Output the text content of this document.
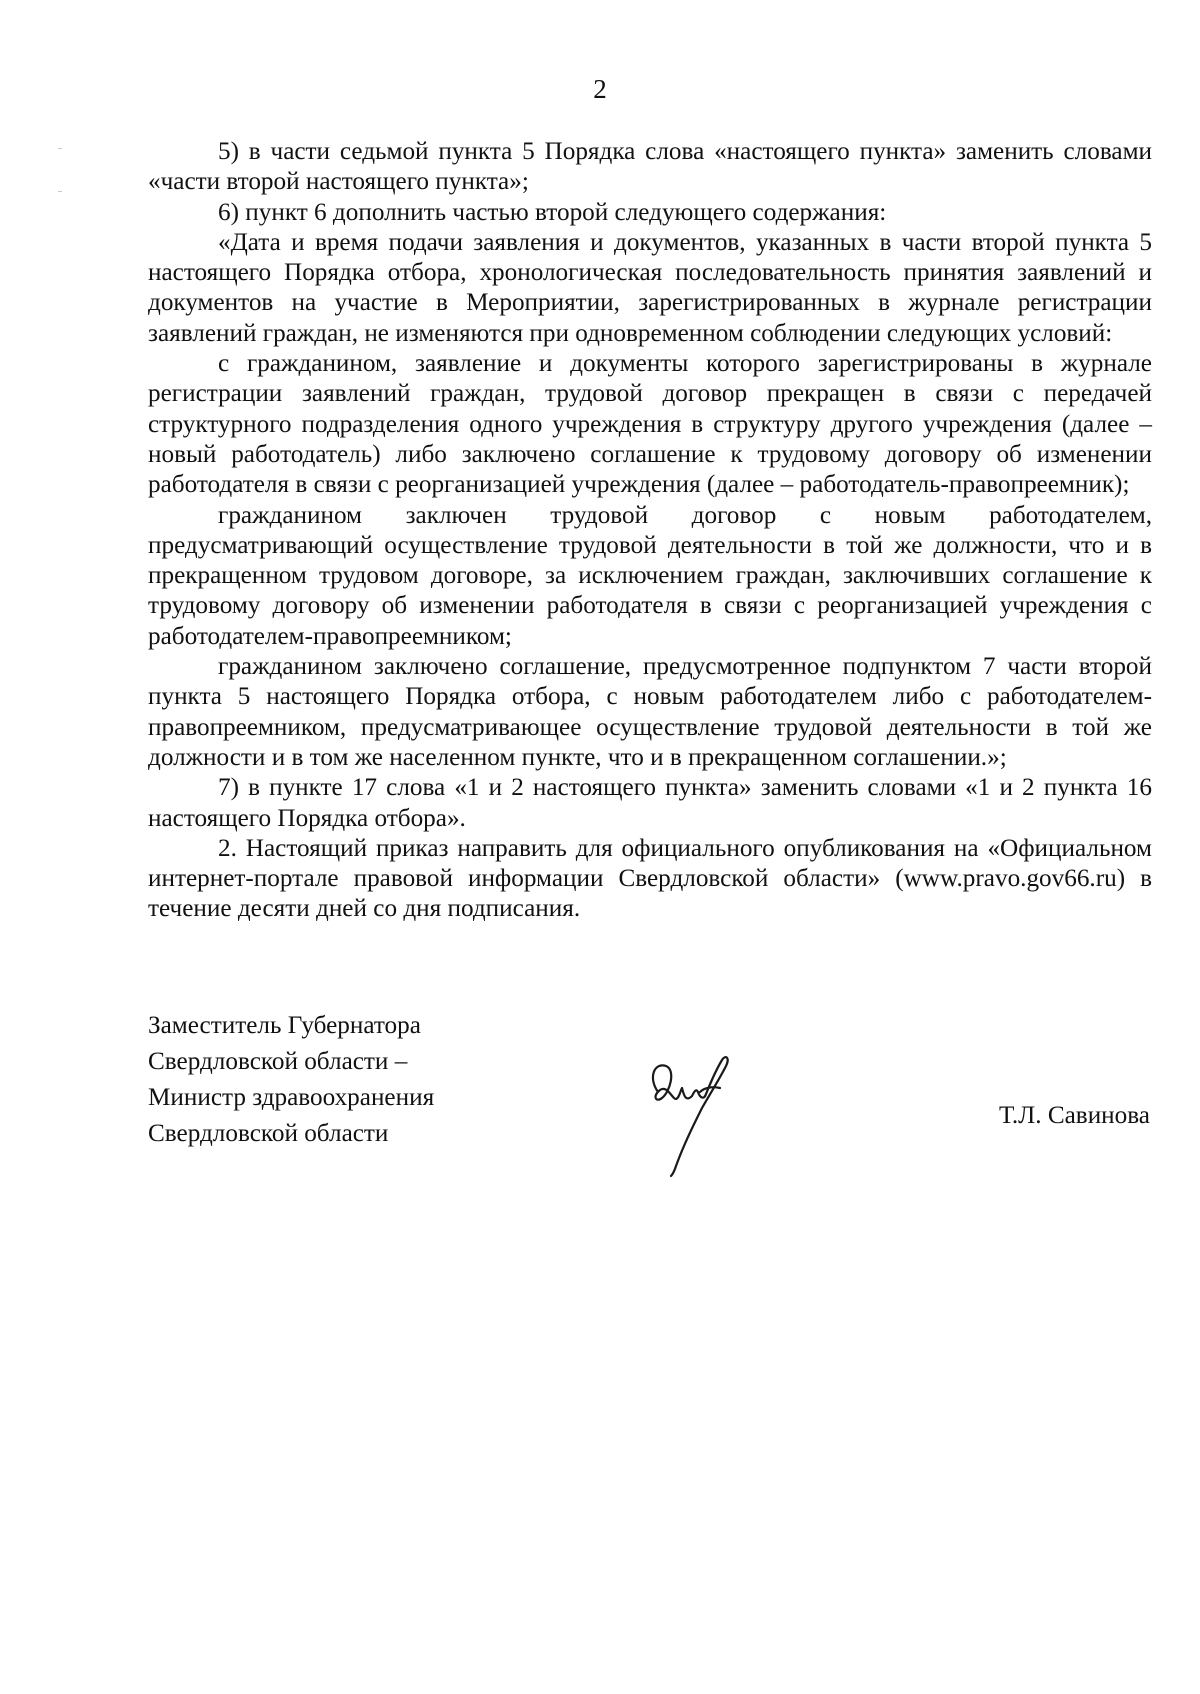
2

5) в части седьмой пункта 5 Порядка слова «настоящего пункта» заменить словами «части второй настоящего пункта»;

6) пункт 6 дополнить частью второй следующего содержания:

«Дата и время подачи заявления и документов, указанных в части второй пункта 5 настоящего Порядка отбора, хронологическая последовательность принятия заявлений и документов на участие в Мероприятии, зарегистрированных в журнале регистрации заявлений граждан, не изменяются при одновременном соблюдении следующих условий:

с гражданином, заявление и документы которого зарегистрированы в журнале регистрации заявлений граждан, трудовой договор прекращен в связи с передачей структурного подразделения одного учреждения в структуру другого учреждения (далее – новый работодатель) либо заключено соглашение к трудовому договору об изменении работодателя в связи с реорганизацией учреждения (далее – работодатель-правопреемник);

гражданином заключен трудовой договор с новым работодателем, предусматривающий осуществление трудовой деятельности в той же должности, что и в прекращенном трудовом договоре, за исключением граждан, заключивших соглашение к трудовому договору об изменении работодателя в связи с реорганизацией учреждения с работодателем-правопреемником;

гражданином заключено соглашение, предусмотренное подпунктом 7 части второй пункта 5 настоящего Порядка отбора, с новым работодателем либо с работодателем-правопреемником, предусматривающее осуществление трудовой деятельности в той же должности и в том же населенном пункте, что и в прекращенном соглашении.»;

7) в пункте 17 слова «1 и 2 настоящего пункта» заменить словами «1 и 2 пункта 16 настоящего Порядка отбора».

2. Настоящий приказ направить для официального опубликования на «Официальном интернет-портале правовой информации Свердловской области» (www.pravo.gov66.ru) в течение десяти дней со дня подписания.

Заместитель Губернатора
Свердловской области –
Министр здравоохранения
Свердловской области
Т.Л. Савинова
